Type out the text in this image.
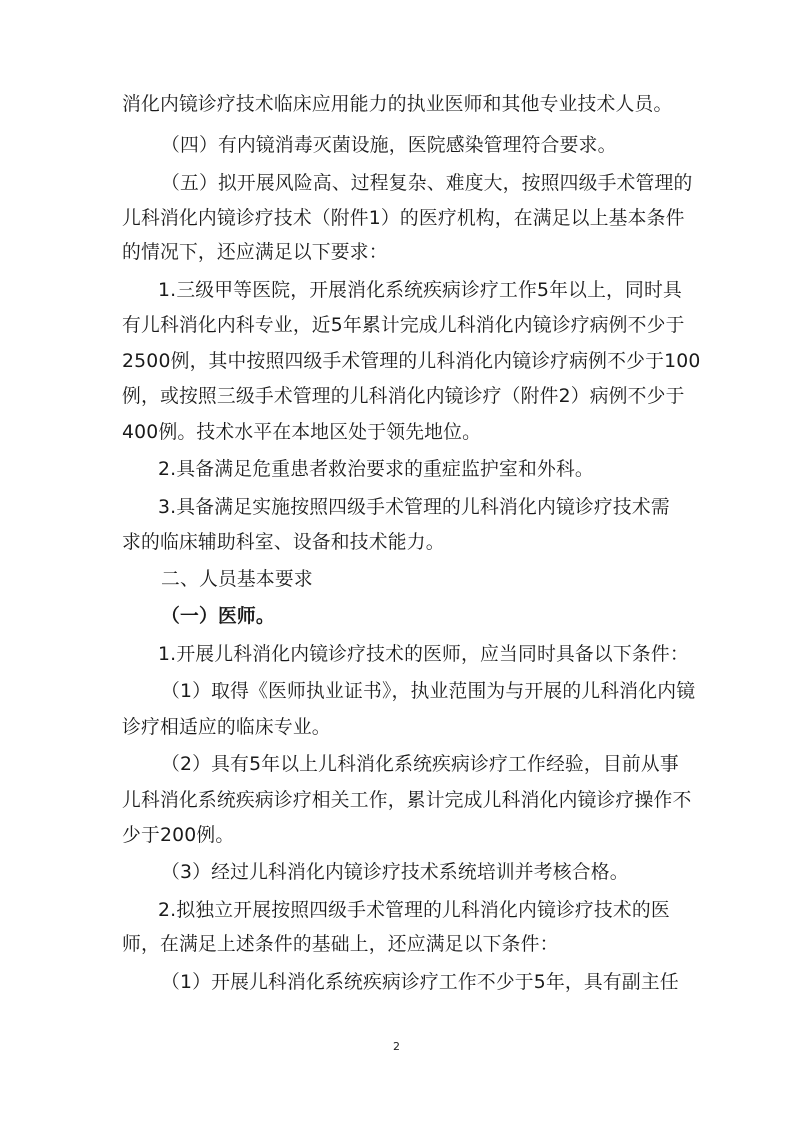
消化内镜诊疗技术临床应用能力的执业医师和其他专业技术人员。
（四）有内镜消毒灭菌设施，医院感染管理符合要求。
（五）拟开展风险高、过程复杂、难度大，按照四级手术管理的
儿科消化内镜诊疗技术（附件1）的医疗机构，在满足以上基本条件
的情况下，还应满足以下要求：
1.三级甲等医院，开展消化系统疾病诊疗工作5年以上，同时具
有儿科消化内科专业，近5年累计完成儿科消化内镜诊疗病例不少于
2500例，其中按照四级手术管理的儿科消化内镜诊疗病例不少于100
例，或按照三级手术管理的儿科消化内镜诊疗（附件2）病例不少于
400例。技术水平在本地区处于领先地位。
2.具备满足危重患者救治要求的重症监护室和外科。
3.具备满足实施按照四级手术管理的儿科消化内镜诊疗技术需
求的临床辅助科室、设备和技术能力。
二、人员基本要求
（一）医师。
1.开展儿科消化内镜诊疗技术的医师，应当同时具备以下条件：
（1）取得《医师执业证书》，执业范围为与开展的儿科消化内镜
诊疗相适应的临床专业。
（2）具有5年以上儿科消化系统疾病诊疗工作经验，目前从事
儿科消化系统疾病诊疗相关工作，累计完成儿科消化内镜诊疗操作不
少于200例。
（3）经过儿科消化内镜诊疗技术系统培训并考核合格。
2.拟独立开展按照四级手术管理的儿科消化内镜诊疗技术的医
师，在满足上述条件的基础上，还应满足以下条件：
（1）开展儿科消化系统疾病诊疗工作不少于5年，具有副主任
2
